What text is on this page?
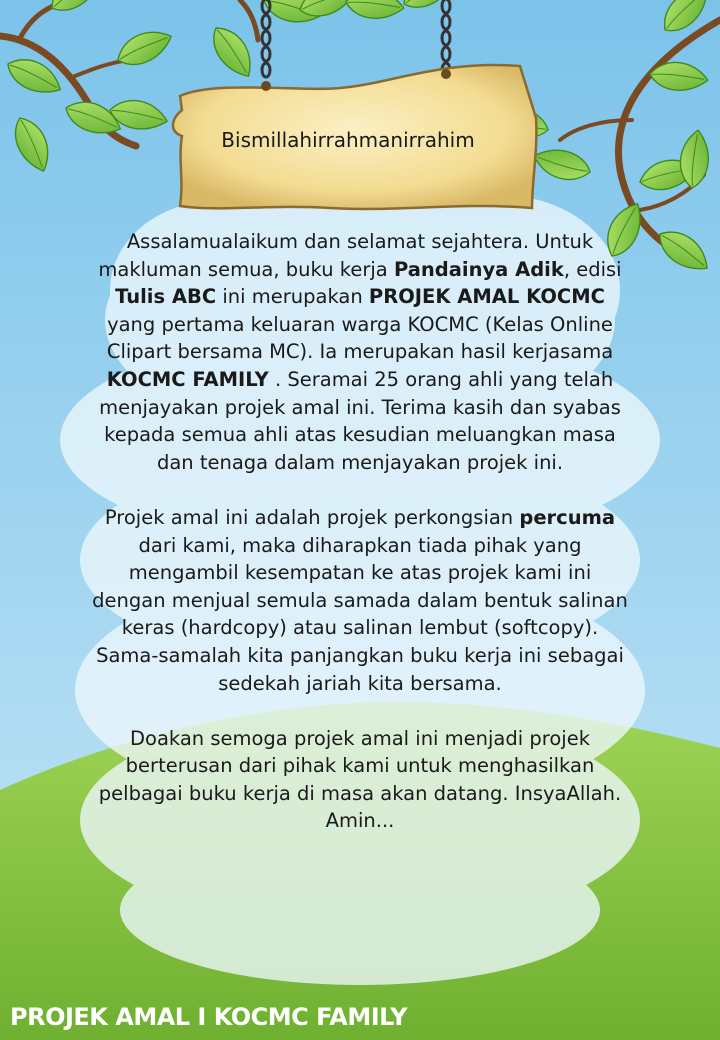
Bismillahirrahmanirrahim

Assalamualaikum dan selamat sejahtera. Untuk makluman semua, buku kerja Pandainya Adik, edisi Tulis ABC ini merupakan PROJEK AMAL KOCMC yang pertama keluaran warga KOCMC (Kelas Online Clipart bersama MC). Ia merupakan hasil kerjasama KOCMC FAMILY . Seramai 25 orang ahli yang telah menjayakan projek amal ini. Terima kasih dan syabas kepada semua ahli atas kesudian meluangkan masa dan tenaga dalam menjayakan projek ini.

Projek amal ini adalah projek perkongsian percuma dari kami, maka diharapkan tiada pihak yang mengambil kesempatan ke atas projek kami ini dengan menjual semula samada dalam bentuk salinan keras (hardcopy) atau salinan lembut (softcopy). Sama-samalah kita panjangkan buku kerja ini sebagai sedekah jariah kita bersama.

Doakan semoga projek amal ini menjadi projek berterusan dari pihak kami untuk menghasilkan pelbagai buku kerja di masa akan datang. InsyaAllah.
Amin...

PROJEK AMAL I KOCMC FAMILY
